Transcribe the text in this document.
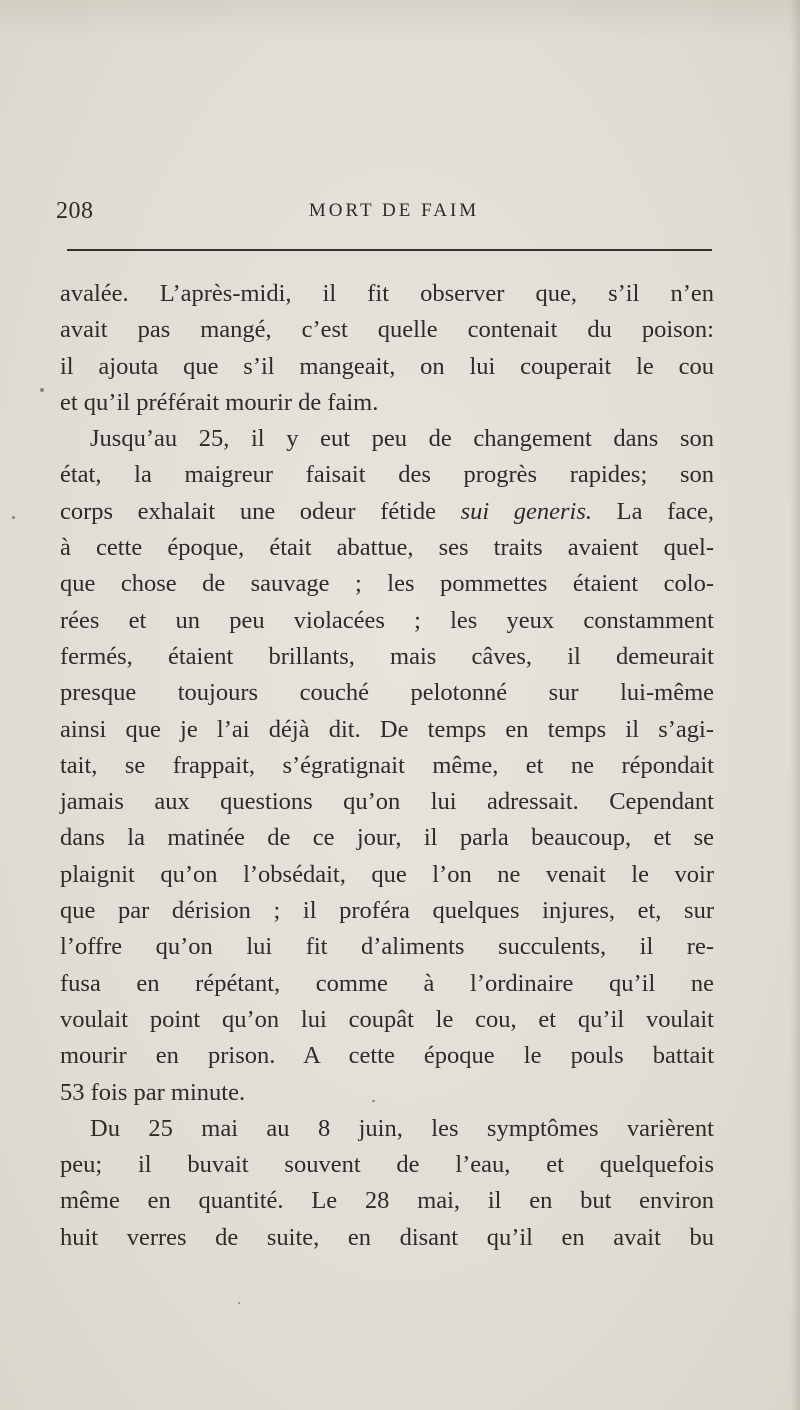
208	MORT DE FAIM
avalée. L’après-midi, il fit observer que, s’il n’en
avait pas mangé, c’est quelle contenait du poison:
il ajouta que s’il mangeait, on lui couperait le cou
et qu’il préférait mourir de faim.
Jusqu’au 25, il y eut peu de changement dans son
état, la maigreur faisait des progrès rapides; son
corps exhalait une odeur fétide sui generis. La face,
à cette époque, était abattue, ses traits avaient quel-
que chose de sauvage ; les pommettes étaient colo-
rées et un peu violacées ; les yeux constamment
fermés, étaient brillants, mais câves, il demeurait
presque toujours couché pelotonné sur lui-même
ainsi que je l’ai déjà dit. De temps en temps il s’agi-
tait, se frappait, s’égratignait même, et ne répondait
jamais aux questions qu’on lui adressait. Cependant
dans la matinée de ce jour, il parla beaucoup, et se
plaignit qu’on l’obsédait, que l’on ne venait le voir
que par dérision ; il proféra quelques injures, et, sur
l’offre qu’on lui fit d’aliments succulents, il re-
fusa en répétant, comme à l’ordinaire qu’il ne
voulait point qu’on lui coupât le cou, et qu’il voulait
mourir en prison. A cette époque le pouls battait
53 fois par minute.
Du 25 mai au 8 juin, les symptômes varièrent
peu; il buvait souvent de l’eau, et quelquefois
même en quantité. Le 28 mai, il en but environ
huit verres de suite, en disant qu’il en avait bu
